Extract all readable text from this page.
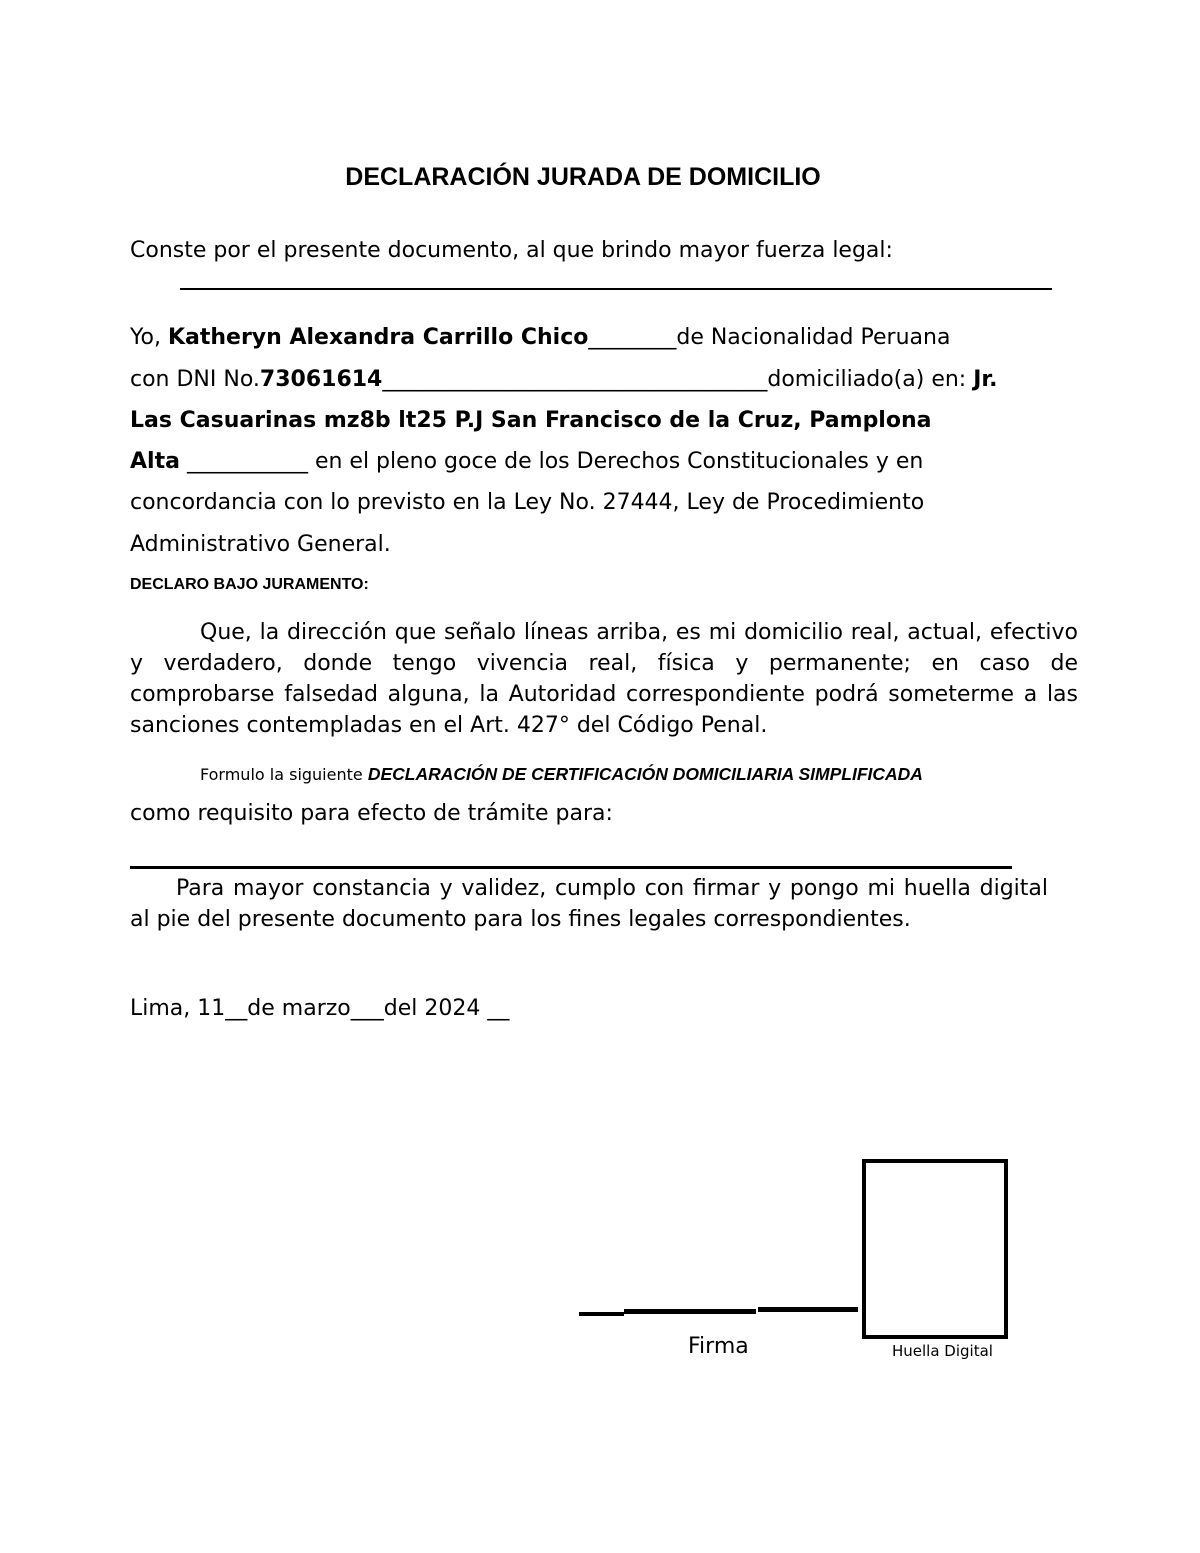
DECLARACIÓN JURADA DE DOMICILIO
Conste por el presente documento, al que brindo mayor fuerza legal:
Yo, Katheryn Alexandra Carrillo Chico________de Nacionalidad Peruana
con DNI No.73061614___________________________________domiciliado(a) en: Jr.
Las Casuarinas mz8b lt25 P.J San Francisco de la Cruz, Pamplona
Alta ___________ en el pleno goce de los Derechos Constitucionales y en
concordancia con lo previsto en la Ley No. 27444, Ley de Procedimiento
Administrativo General.
DECLARO BAJO JURAMENTO:
Que, la dirección que señalo líneas arriba, es mi domicilio real, actual, efectivo y verdadero, donde tengo vivencia real, física y permanente; en caso de comprobarse falsedad alguna, la Autoridad correspondiente podrá someterme a las sanciones contempladas en el Art. 427° del Código Penal.
Formulo la siguiente DECLARACIÓN DE CERTIFICACIÓN DOMICILIARIA SIMPLIFICADA
como requisito para efecto de trámite para:
Para mayor constancia y validez, cumplo con firmar y pongo mi huella digital al pie del presente documento para los fines legales correspondientes.
Lima, 11__de marzo___del 2024 __
Firma	Huella Digital
